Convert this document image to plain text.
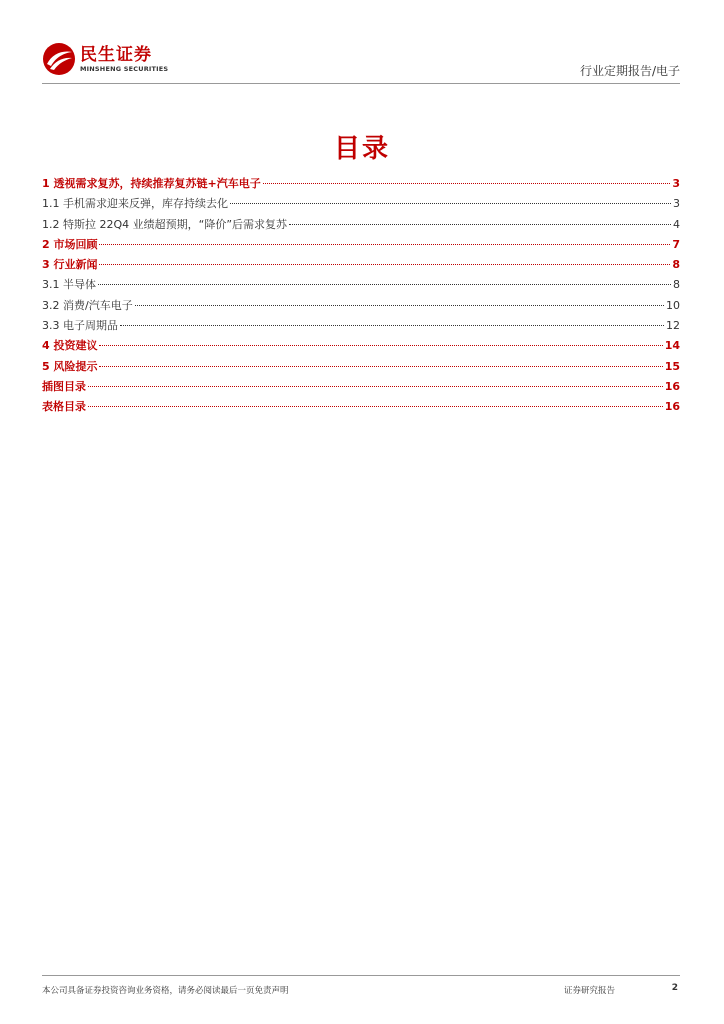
民生证券
MINSHENG SECURITIES	行业定期报告/电子
目录
1 透视需求复苏，持续推荐复苏链+汽车电子	3
1.1 手机需求迎来反弹，库存持续去化	3
1.2 特斯拉 22Q4 业绩超预期，“降价”后需求复苏	4
2 市场回顾	7
3 行业新闻	8
3.1 半导体	8
3.2 消费/汽车电子	10
3.3 电子周期品	12
4 投资建议	14
5 风险提示	15
插图目录	16
表格目录	16
本公司具备证券投资咨询业务资格，请务必阅读最后一页免责声明	证券研究报告	2
